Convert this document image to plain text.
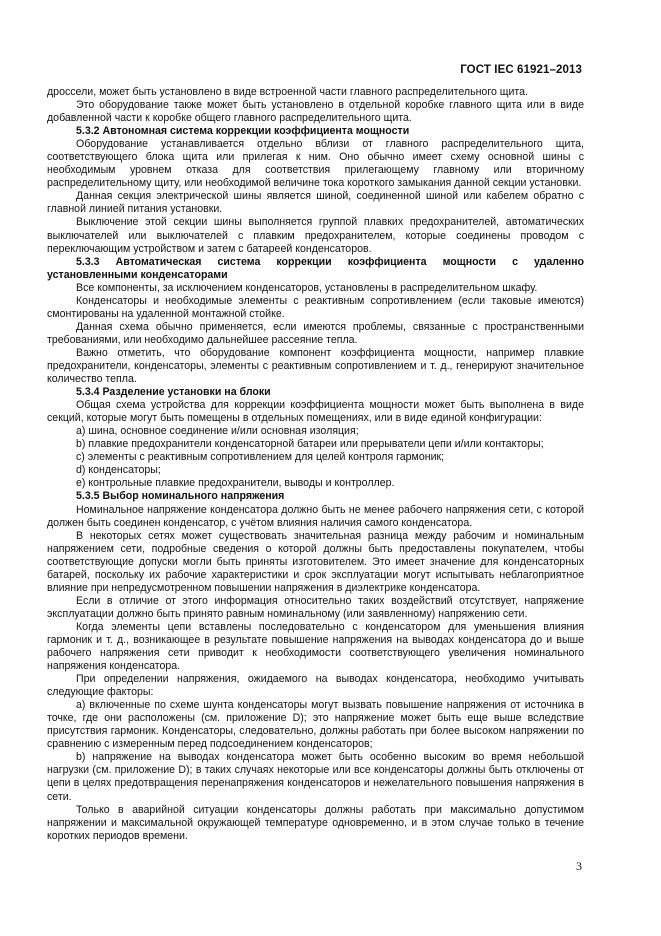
ГОСТ IEC 61921–2013

дроссели, может быть установлено в виде встроенной части главного распределительного щита.

Это оборудование также может быть установлено в отдельной коробке главного щита или в виде добавленной части к коробке общего главного распределительного щита.

5.3.2 Автономная система коррекции коэффициента мощности

Оборудование устанавливается отдельно вблизи от главного распределительного щита, соответствующего блока щита или прилегая к ним. Оно обычно имеет схему основной шины с необходимым уровнем отказа для соответствия прилегающему главному или вторичному распределительному щиту, или необходимой величине тока короткого замыкания данной секции установки.

Данная секция электрической шины является шиной, соединенной шиной или кабелем обратно с главной линией питания установки.

Выключение этой секции шины выполняется группой плавких предохранителей, автоматических выключателей или выключателей с плавким предохранителем, которые соединены проводом с переключающим устройством и затем с батареей конденсаторов.

5.3.3 Автоматическая система коррекции коэффициента мощности с удаленно установленными конденсаторами

Все компоненты, за исключением конденсаторов, установлены в распределительном шкафу.

Конденсаторы и необходимые элементы с реактивным сопротивлением (если таковые имеются) смонтированы на удаленной монтажной стойке.

Данная схема обычно применяется, если имеются проблемы, связанные с пространственными требованиями, или необходимо дальнейшее рассеяние тепла.

Важно отметить, что оборудование компонент коэффициента мощности, например плавкие предохранители, конденсаторы, элементы с реактивным сопротивлением и т. д., генерируют значительное количество тепла.

5.3.4 Разделение установки на блоки

Общая схема устройства для коррекции коэффициента мощности может быть выполнена в виде секций, которые могут быть помещены в отдельных помещениях, или в виде единой конфигурации:

а) шина, основное соединение и/или основная изоляция;

b) плавкие предохранители конденсаторной батареи или прерыватели цепи и/или контакторы;

с) элементы с реактивным сопротивлением для целей контроля гармоник;

d) конденсаторы;

е) контрольные плавкие предохранители, выводы и контроллер.

5.3.5 Выбор номинального напряжения

Номинальное напряжение конденсатора должно быть не менее рабочего напряжения сети, с которой должен быть соединен конденсатор, с учётом влияния наличия самого конденсатора.

В некоторых сетях может существовать значительная разница между рабочим и номинальным напряжением сети, подробные сведения о которой должны быть предоставлены покупателем, чтобы соответствующие допуски могли быть приняты изготовителем. Это имеет значение для конденсаторных батарей, поскольку их рабочие характеристики и срок эксплуатации могут испытывать неблагоприятное влияние при непредусмотренном повышении напряжения в диэлектрике конденсатора.

Если в отличие от этого информация относительно таких воздействий отсутствует, напряжение эксплуатации должно быть принято равным номинальному (или заявленному) напряжению сети.

Когда элементы цепи вставлены последовательно с конденсатором для уменьшения влияния гармоник и т. д., возникающее в результате повышение напряжения на выводах конденсатора до и выше рабочего напряжения сети приводит к необходимости соответствующего увеличения номинального напряжения конденсатора.

При определении напряжения, ожидаемого на выводах конденсатора, необходимо учитывать следующие факторы:

а) включенные по схеме шунта конденсаторы могут вызвать повышение напряжения от источника в точке, где они расположены (см. приложение D); это напряжение может быть еще выше вследствие присутствия гармоник. Конденсаторы, следовательно, должны работать при более высоком напряжении по сравнению с измеренным перед подсоединением конденсаторов;

b) напряжение на выводах конденсатора может быть особенно высоким во время небольшой нагрузки (см. приложение D); в таких случаях некоторые или все конденсаторы должны быть отключены от цепи в целях предотвращения перенапряжения конденсаторов и нежелательного повышения напряжения в сети.

Только в аварийной ситуации конденсаторы должны работать при максимально допустимом напряжении и максимальной окружающей температуре одновременно, и в этом случае только в течение коротких периодов времени.

3
